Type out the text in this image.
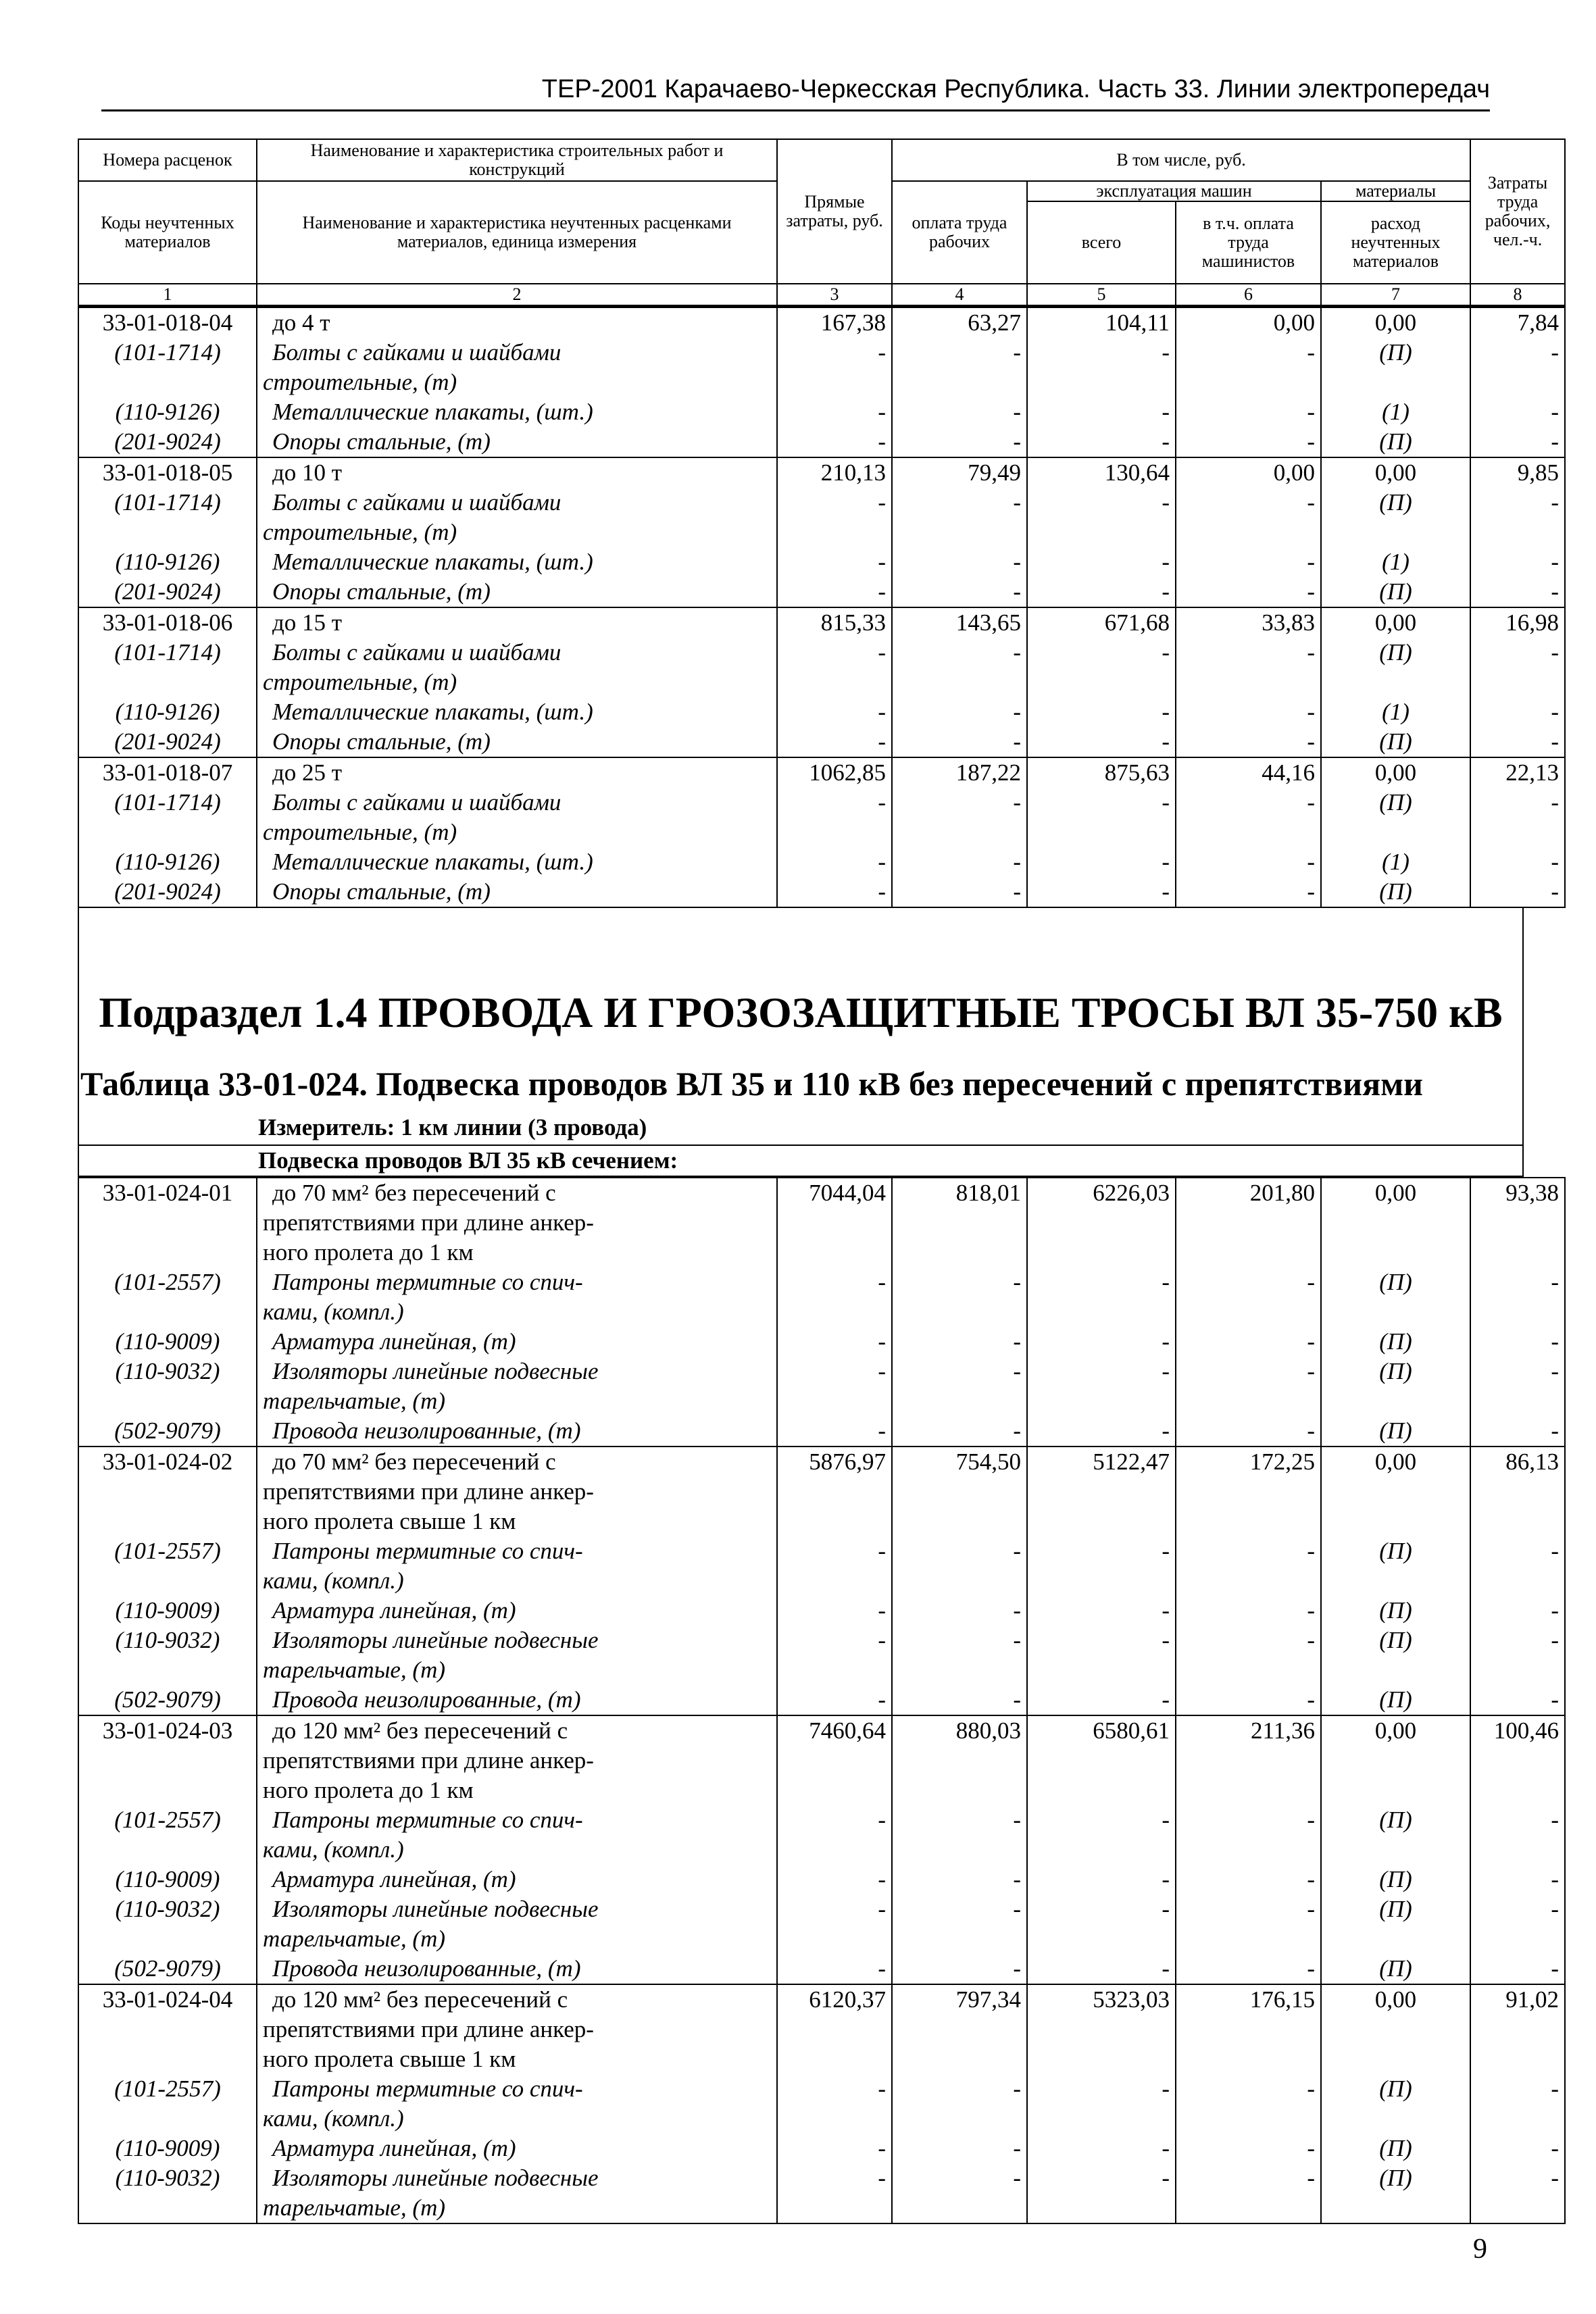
ТЕР-2001 Карачаево-Черкесская Республика. Часть 33. Линии электропередач
Номера расценок	Наименование и характеристика строительных работ и конструкций	Прямые затраты, руб.	В том числе, руб.				Затраты труда рабочих, чел.-ч.
Коды неучтенных материалов	Наименование и характеристика неучтенных расценками материалов, единица измерения		оплата труда рабочих	эксплуатация машин		материалы	
				всего	в т.ч. оплата труда машинистов	расход неучтенных материалов	
1	2	3	4	5	6	7	8
33-01-018-04	до 4 т	167,38	63,27	104,11	0,00	0,00	7,84
(101-1714)	Болты с гайками и шайбами	-	-	-	-	(П)	-
	строительные, (т)						
(110-9126)	Металлические плакаты, (шт.)	-	-	-	-	(1)	-
(201-9024)	Опоры стальные, (т)	-	-	-	-	(П)	-
33-01-018-05	до 10 т	210,13	79,49	130,64	0,00	0,00	9,85
(101-1714)	Болты с гайками и шайбами	-	-	-	-	(П)	-
	строительные, (т)						
(110-9126)	Металлические плакаты, (шт.)	-	-	-	-	(1)	-
(201-9024)	Опоры стальные, (т)	-	-	-	-	(П)	-
33-01-018-06	до 15 т	815,33	143,65	671,68	33,83	0,00	16,98
(101-1714)	Болты с гайками и шайбами	-	-	-	-	(П)	-
	строительные, (т)						
(110-9126)	Металлические плакаты, (шт.)	-	-	-	-	(1)	-
(201-9024)	Опоры стальные, (т)	-	-	-	-	(П)	-
33-01-018-07	до 25 т	1062,85	187,22	875,63	44,16	0,00	22,13
(101-1714)	Болты с гайками и шайбами	-	-	-	-	(П)	-
	строительные, (т)						
(110-9126)	Металлические плакаты, (шт.)	-	-	-	-	(1)	-
(201-9024)	Опоры стальные, (т)	-	-	-	-	(П)	-
Подраздел 1.4 ПРОВОДА И ГРОЗОЗАЩИТНЫЕ ТРОСЫ ВЛ 35-750 кВ
Таблица 33-01-024. Подвеска проводов ВЛ 35 и 110 кВ без пересечений с препятствиями
Измеритель: 1 км линии (3 провода)
Подвеска проводов ВЛ 35 кВ сечением:
33-01-024-01	до 70 мм² без пересечений с	7044,04	818,01	6226,03	201,80	0,00	93,38
	препятствиями при длине анкер-						
	ного пролета до 1 км						
(101-2557)	Патроны термитные со спич-	-	-	-	-	(П)	-
	ками, (компл.)						
(110-9009)	Арматура линейная, (т)	-	-	-	-	(П)	-
(110-9032)	Изоляторы линейные подвесные	-	-	-	-	(П)	-
	тарельчатые, (т)						
(502-9079)	Провода неизолированные, (т)	-	-	-	-	(П)	-
33-01-024-02	до 70 мм² без пересечений с	5876,97	754,50	5122,47	172,25	0,00	86,13
	препятствиями при длине анкер-						
	ного пролета свыше 1 км						
(101-2557)	Патроны термитные со спич-	-	-	-	-	(П)	-
	ками, (компл.)						
(110-9009)	Арматура линейная, (т)	-	-	-	-	(П)	-
(110-9032)	Изоляторы линейные подвесные	-	-	-	-	(П)	-
	тарельчатые, (т)						
(502-9079)	Провода неизолированные, (т)	-	-	-	-	(П)	-
33-01-024-03	до 120 мм² без пересечений с	7460,64	880,03	6580,61	211,36	0,00	100,46
	препятствиями при длине анкер-						
	ного пролета до 1 км						
(101-2557)	Патроны термитные со спич-	-	-	-	-	(П)	-
	ками, (компл.)						
(110-9009)	Арматура линейная, (т)	-	-	-	-	(П)	-
(110-9032)	Изоляторы линейные подвесные	-	-	-	-	(П)	-
	тарельчатые, (т)						
(502-9079)	Провода неизолированные, (т)	-	-	-	-	(П)	-
33-01-024-04	до 120 мм² без пересечений с	6120,37	797,34	5323,03	176,15	0,00	91,02
	препятствиями при длине анкер-						
	ного пролета свыше 1 км						
(101-2557)	Патроны термитные со спич-	-	-	-	-	(П)	-
	ками, (компл.)						
(110-9009)	Арматура линейная, (т)	-	-	-	-	(П)	-
(110-9032)	Изоляторы линейные подвесные	-	-	-	-	(П)	-
	тарельчатые, (т)						
9
